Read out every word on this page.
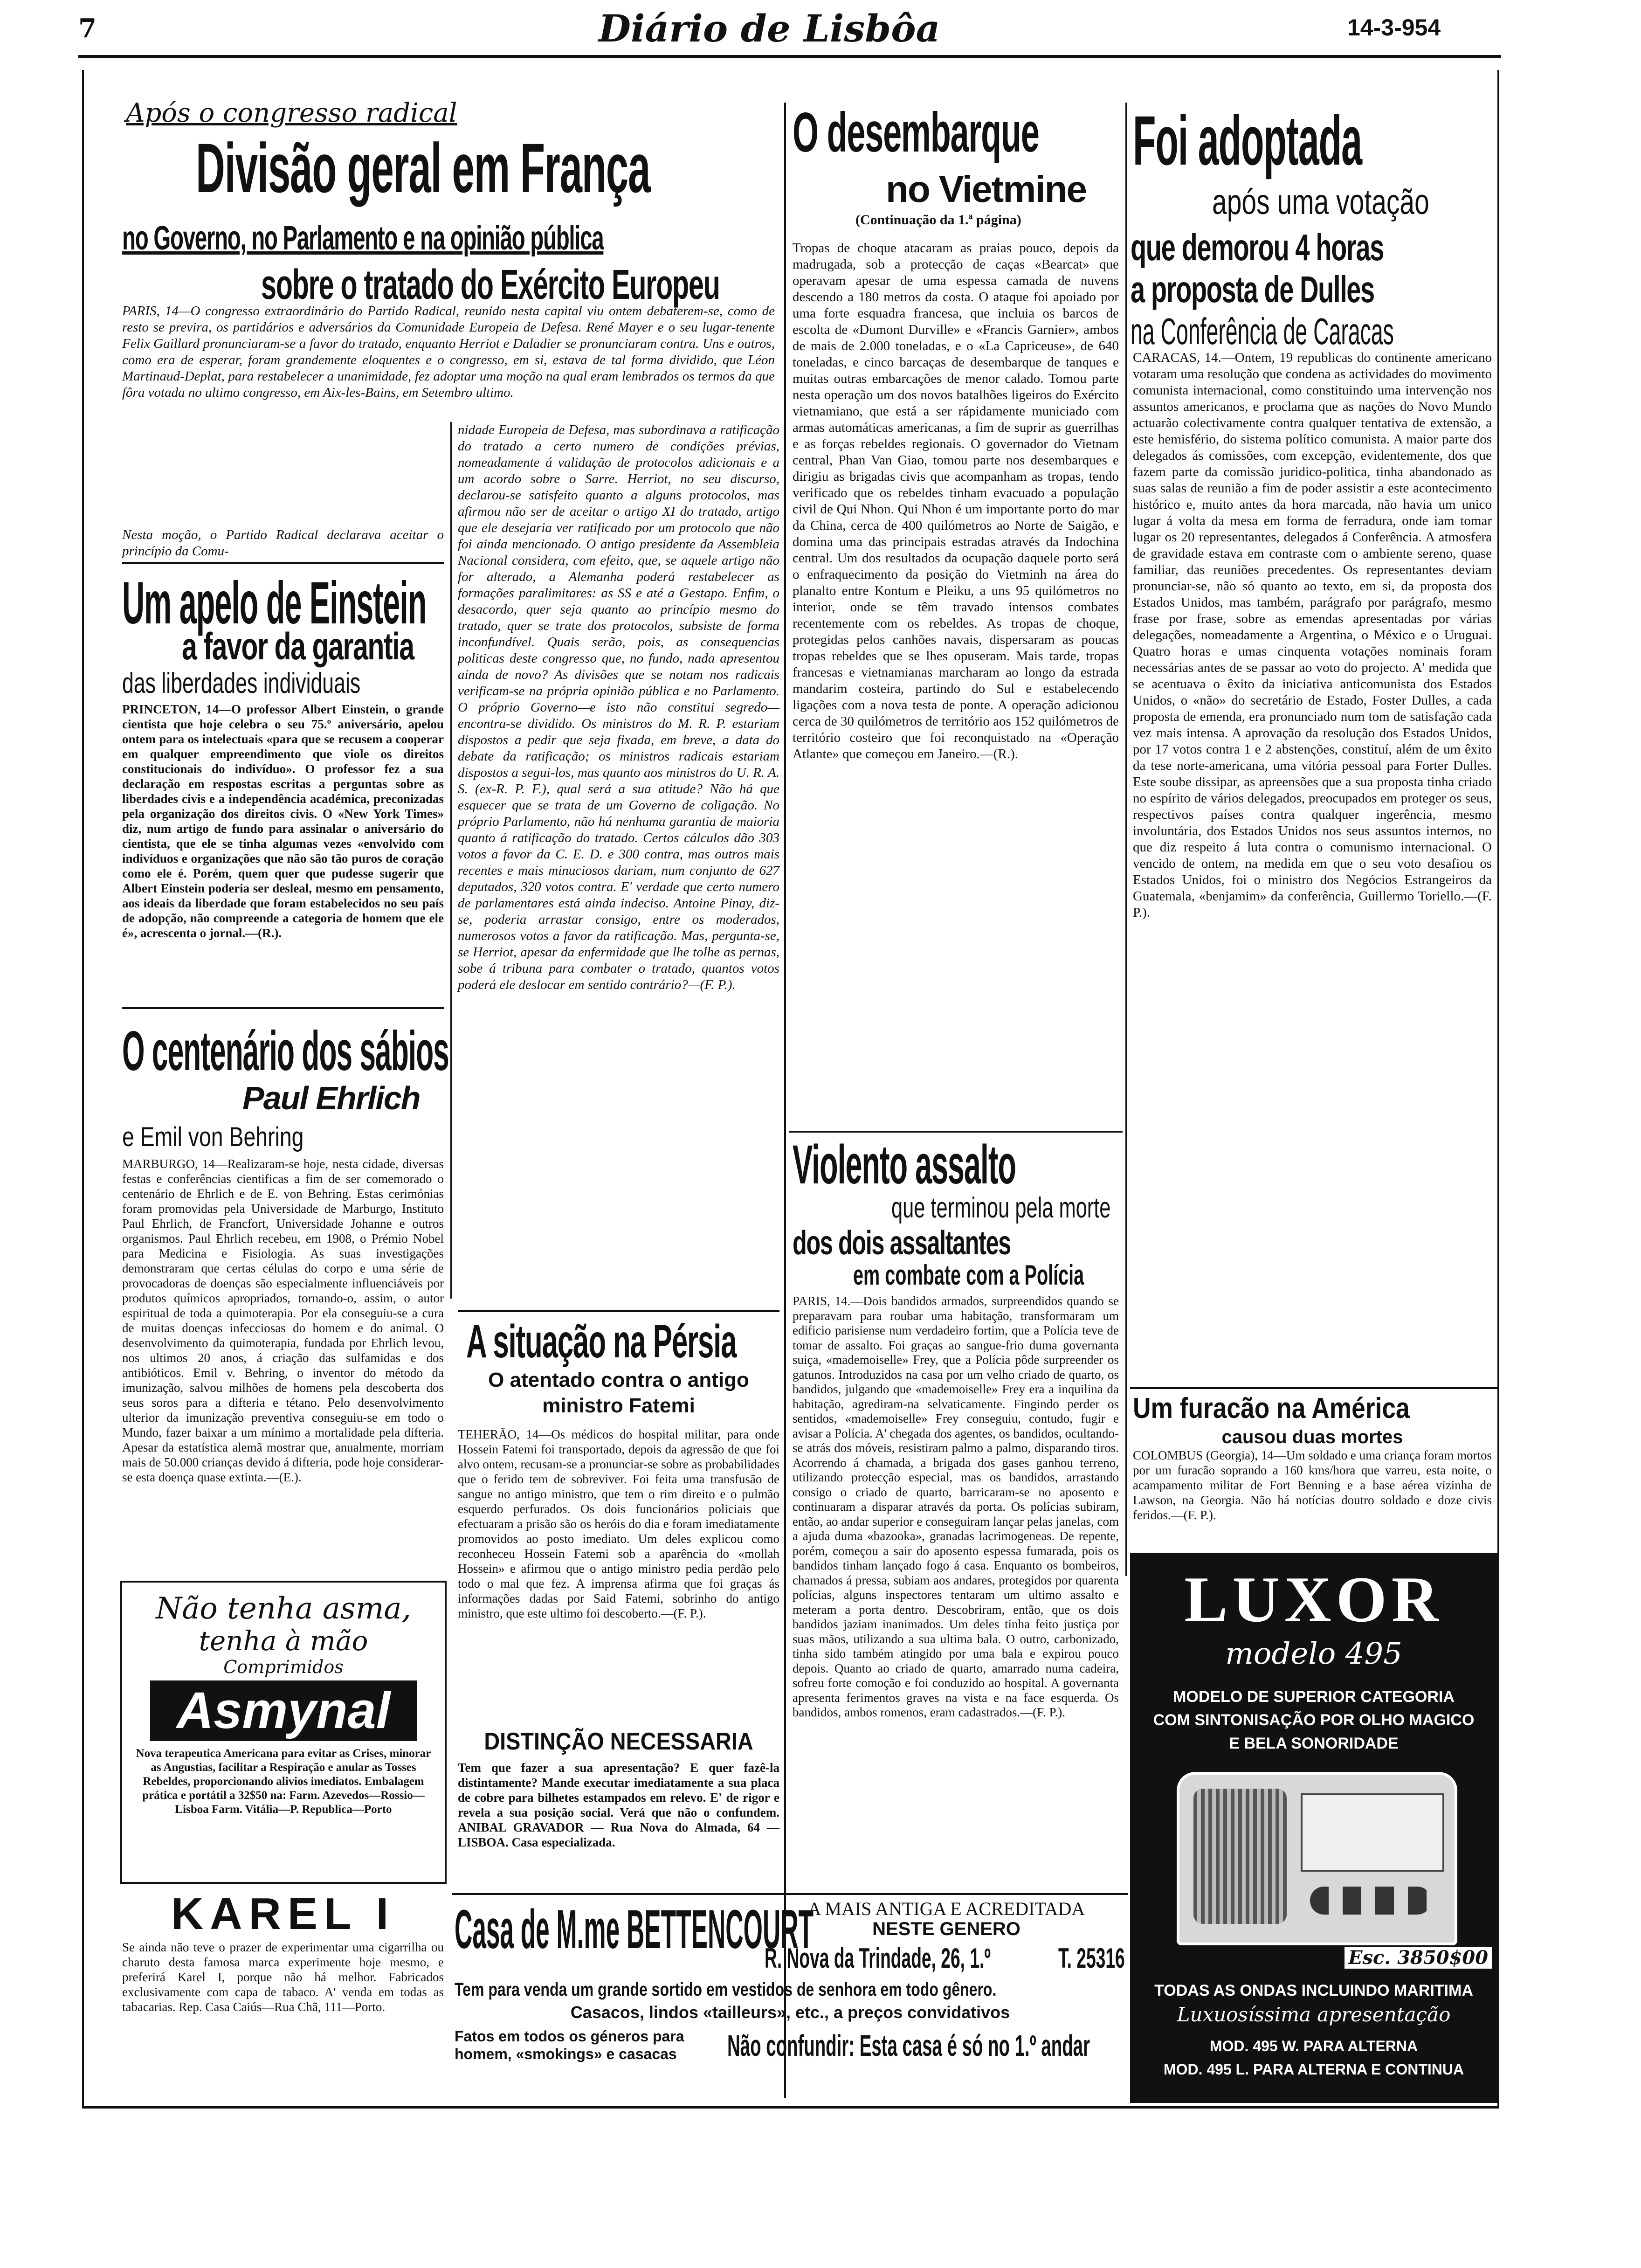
7	Diário de Lisbôa	14-3-954
Após o congresso radical
Divisão geral em França
no Governo, no Parlamento e na opinião pública
sobre o tratado do Exército Europeu

PARIS, 14—O congresso extraordinário do Partido Radical, reunido nesta capital viu ontem debaterem-se, como de resto se previra, os partidários e adversários da Comunidade Europeia de Defesa. René Mayer e o seu lugar-tenente Felix Gaillard pronunciaram-se a favor do tratado, enquanto Herriot e Daladier se pronunciaram contra. Uns e outros, como era de esperar, foram grandemente eloquentes e o congresso, em si, estava de tal forma dividido, que Léon Martinaud-Deplat, para restabelecer a unanimidade, fez adoptar uma moção na qual eram lembrados os termos da que fôra votada no ultimo congresso, em Aix-les-Bains, em Setembro ultimo.

Nesta moção, o Partido Radical declarava aceitar o princípio da Comu-

nidade Europeia de Defesa, mas subordinava a ratificação do tratado a certo numero de condições prévias, nomeadamente á validação de protocolos adicionais e a um acordo sobre o Sarre. Herriot, no seu discurso, declarou-se satisfeito quanto a alguns protocolos, mas afirmou não ser de aceitar o artigo XI do tratado, artigo que ele desejaria ver ratificado por um protocolo que não foi ainda mencionado. O antigo presidente da Assembleia Nacional considera, com efeito, que, se aquele artigo não for alterado, a Alemanha poderá restabelecer as formações paralimitares: as SS e até a Gestapo. Enfim, o desacordo, quer seja quanto ao princípio mesmo do tratado, quer se trate dos protocolos, subsiste de forma inconfundível. Quais serão, pois, as consequencias politicas deste congresso que, no fundo, nada apresentou ainda de novo? As divisões que se notam nos radicais verificam-se na própria opinião pública e no Parlamento. O próprio Governo—e isto não constitui segredo—encontra-se dividido. Os ministros do M. R. P. estariam dispostos a pedir que seja fixada, em breve, a data do debate da ratificação; os ministros radicais estariam dispostos a segui-los, mas quanto aos ministros do U. R. A. S. (ex-R. P. F.), qual será a sua atitude? Não há que esquecer que se trata de um Governo de coligação. No próprio Parlamento, não há nenhuma garantia de maioria quanto á ratificação do tratado. Certos cálculos dão 303 votos a favor da C. E. D. e 300 contra, mas outros mais recentes e mais minuciosos dariam, num conjunto de 627 deputados, 320 votos contra. E' verdade que certo numero de parlamentares está ainda indeciso. Antoine Pinay, diz-se, poderia arrastar consigo, entre os moderados, numerosos votos a favor da ratificação. Mas, pergunta-se, se Herriot, apesar da enfermidade que lhe tolhe as pernas, sobe á tribuna para combater o tratado, quantos votos poderá ele deslocar em sentido contrário?—(F. P.).

Um apelo de Einstein
a favor da garantia
das liberdades individuais

PRINCETON, 14—O professor Albert Einstein, o grande cientista que hoje celebra o seu 75.º aniversário, apelou ontem para os intelectuais «para que se recusem a cooperar em qualquer empreendimento que viole os direitos constitucionais do indivíduo». O professor fez a sua declaração em respostas escritas a perguntas sobre as liberdades civis e a independência académica, preconizadas pela organização dos direitos civis. O «New York Times» diz, num artigo de fundo para assinalar o aniversário do cientista, que ele se tinha algumas vezes «envolvido com indivíduos e organizações que não são tão puros de coração como ele é. Porém, quem quer que pudesse sugerir que Albert Einstein poderia ser desleal, mesmo em pensamento, aos ideais da liberdade que foram estabelecidos no seu país de adopção, não compreende a categoria de homem que ele é», acrescenta o jornal.—(R.).

O centenário dos sábios
Paul Ehrlich
e Emil von Behring

MARBURGO, 14—Realizaram-se hoje, nesta cidade, diversas festas e conferências cientificas a fim de ser comemorado o centenário de Ehrlich e de E. von Behring. Estas cerimónias foram promovidas pela Universidade de Marburgo, Instituto Paul Ehrlich, de Francfort, Universidade Johanne e outros organismos. Paul Ehrlich recebeu, em 1908, o Prémio Nobel para Medicina e Fisiologia. As suas investigações demonstraram que certas células do corpo e uma série de provocadoras de doenças são especialmente influenciáveis por produtos químicos apropriados, tornando-o, assim, o autor espiritual de toda a quimoterapia. Por ela conseguiu-se a cura de muitas doenças infecciosas do homem e do animal. O desenvolvimento da quimoterapia, fundada por Ehrlich levou, nos ultimos 20 anos, á criação das sulfamidas e dos antibióticos. Emil v. Behring, o inventor do método da imunização, salvou milhões de homens pela descoberta dos seus soros para a difteria e tétano. Pelo desenvolvimento ulterior da imunização preventiva conseguiu-se em todo o Mundo, fazer baixar a um mínimo a mortalidade pela difteria. Apesar da estatística alemã mostrar que, anualmente, morriam mais de 50.000 crianças devido á difteria, pode hoje considerar-se esta doença quase extinta.—(E.).

Não tenha asma,
tenha à mão
Comprimidos
Asmynal

Nova terapeutica Americana para evitar as Crises, minorar as Angustias, facilitar a Respiração e anular as Tosses Rebeldes, proporcionando alivios imediatos. Embalagem prática e portátil a 32$50 na: Farm. Azevedos—Rossio—Lisboa Farm. Vitália—P. Republica—Porto

KAREL I

Se ainda não teve o prazer de experimentar uma cigarrilha ou charuto desta famosa marca experimente hoje mesmo, e preferirá Karel I, porque não há melhor. Fabricados exclusivamente com capa de tabaco. A' venda em todas as tabacarias. Rep. Casa Caiús—Rua Chã, 111—Porto.

O desembarque
no Vietmine
(Continuação da 1.ª página)

Tropas de choque atacaram as praias pouco, depois da madrugada, sob a protecção de caças «Bearcat» que operavam apesar de uma espessa camada de nuvens descendo a 180 metros da costa. O ataque foi apoiado por uma forte esquadra francesa, que incluia os barcos de escolta de «Dumont Durville» e «Francis Garnier», ambos de mais de 2.000 toneladas, e o «La Capriceuse», de 640 toneladas, e cinco barcaças de desembarque de tanques e muitas outras embarcações de menor calado. Tomou parte nesta operação um dos novos batalhões ligeiros do Exército vietnamiano, que está a ser rápidamente municiado com armas automáticas americanas, a fim de suprir as guerrilhas e as forças rebeldes regionais. O governador do Vietnam central, Phan Van Giao, tomou parte nos desembarques e dirigiu as brigadas civis que acompanham as tropas, tendo verificado que os rebeldes tinham evacuado a população civil de Qui Nhon. Qui Nhon é um importante porto do mar da China, cerca de 400 quilómetros ao Norte de Saigão, e domina uma das principais estradas através da Indochina central. Um dos resultados da ocupação daquele porto será o enfraquecimento da posição do Vietminh na área do planalto entre Kontum e Pleiku, a uns 95 quilómetros no interior, onde se têm travado intensos combates recentemente com os rebeldes. As tropas de choque, protegidas pelos canhões navais, dispersaram as poucas tropas rebeldes que se lhes opuseram. Mais tarde, tropas francesas e vietnamianas marcharam ao longo da estrada mandarim costeira, partindo do Sul e estabelecendo ligações com a nova testa de ponte. A operação adicionou cerca de 30 quilómetros de território aos 152 quilómetros de território costeiro que foi reconquistado na «Operação Atlante» que começou em Janeiro.—(R.).

Violento assalto
que terminou pela morte
dos dois assaltantes
em combate com a Polícia

PARIS, 14.—Dois bandidos armados, surpreendidos quando se preparavam para roubar uma habitação, transformaram um edificio parisiense num verdadeiro fortim, que a Polícia teve de tomar de assalto. Foi graças ao sangue-frio duma governanta suiça, «mademoiselle» Frey, que a Polícia pôde surpreender os gatunos. Introduzidos na casa por um velho criado de quarto, os bandidos, julgando que «mademoiselle» Frey era a inquilina da habitação, agrediram-na selvaticamente. Fingindo perder os sentidos, «mademoiselle» Frey conseguiu, contudo, fugir e avisar a Polícia. A' chegada dos agentes, os bandidos, ocultando-se atrás dos móveis, resistiram palmo a palmo, disparando tiros. Acorrendo á chamada, a brigada dos gases ganhou terreno, utilizando protecção especial, mas os bandidos, arrastando consigo o criado de quarto, barricaram-se no aposento e continuaram a disparar através da porta. Os polícias subiram, então, ao andar superior e conseguiram lançar pelas janelas, com a ajuda duma «bazooka», granadas lacrimogeneas. De repente, porém, começou a sair do aposento espessa fumarada, pois os bandidos tinham lançado fogo á casa. Enquanto os bombeiros, chamados á pressa, subiam aos andares, protegidos por quarenta polícias, alguns inspectores tentaram um ultimo assalto e meteram a porta dentro. Descobriram, então, que os dois bandidos jaziam inanimados. Um deles tinha feito justiça por suas mãos, utilizando a sua ultima bala. O outro, carbonizado, tinha sido também atingido por uma bala e expirou pouco depois. Quanto ao criado de quarto, amarrado numa cadeira, sofreu forte comoção e foi conduzido ao hospital. A governanta apresenta ferimentos graves na vista e na face esquerda. Os bandidos, ambos romenos, eram cadastrados.—(F. P.).

A situação na Pérsia
O atentado contra o antigo
ministro Fatemi

TEHERÃO, 14—Os médicos do hospital militar, para onde Hossein Fatemi foi transportado, depois da agressão de que foi alvo ontem, recusam-se a pronunciar-se sobre as probabilidades que o ferido tem de sobreviver. Foi feita uma transfusão de sangue no antigo ministro, que tem o rim direito e o pulmão esquerdo perfurados. Os dois funcionários policiais que efectuaram a prisão são os heróis do dia e foram imediatamente promovidos ao posto imediato. Um deles explicou como reconheceu Hossein Fatemi sob a aparência do «mollah Hossein» e afirmou que o antigo ministro pedia perdão pelo todo o mal que fez. A imprensa afirma que foi graças ás informações dadas por Said Fatemi, sobrinho do antigo ministro, que este ultimo foi descoberto.—(F. P.).

DISTINÇÃO NECESSARIA

Tem que fazer a sua apresentação? E quer fazê-la distintamente? Mande executar imediatamente a sua placa de cobre para bilhetes estampados em relevo. E' de rigor e revela a sua posição social. Verá que não o confundem. ANIBAL GRAVADOR — Rua Nova do Almada, 64 — LISBOA. Casa especializada.

Foi adoptada
após uma votação
que demorou 4 horas
a proposta de Dulles
na Conferência de Caracas

CARACAS, 14.—Ontem, 19 republicas do continente americano votaram uma resolução que condena as actividades do movimento comunista internacional, como constituindo uma intervenção nos assuntos americanos, e proclama que as nações do Novo Mundo actuarão colectivamente contra qualquer tentativa de extensão, a este hemisfério, do sistema político comunista. A maior parte dos delegados ás comissões, com excepção, evidentemente, dos que fazem parte da comissão juridico-politica, tinha abandonado as suas salas de reunião a fim de poder assistir a este acontecimento histórico e, muito antes da hora marcada, não havia um unico lugar á volta da mesa em forma de ferradura, onde iam tomar lugar os 20 representantes, delegados á Conferência. A atmosfera de gravidade estava em contraste com o ambiente sereno, quase familiar, das reuniões precedentes. Os representantes deviam pronunciar-se, não só quanto ao texto, em si, da proposta dos Estados Unidos, mas também, parágrafo por parágrafo, mesmo frase por frase, sobre as emendas apresentadas por várias delegações, nomeadamente a Argentina, o México e o Uruguai. Quatro horas e umas cinquenta votações nominais foram necessárias antes de se passar ao voto do projecto. A' medida que se acentuava o êxito da iniciativa anticomunista dos Estados Unidos, o «não» do secretário de Estado, Foster Dulles, a cada proposta de emenda, era pronunciado num tom de satisfação cada vez mais intensa. A aprovação da resolução dos Estados Unidos, por 17 votos contra 1 e 2 abstenções, constituí, além de um êxito da tese norte-americana, uma vitória pessoal para Forter Dulles. Este soube dissipar, as apreensões que a sua proposta tinha criado no espírito de vários delegados, preocupados em proteger os seus, respectivos países contra qualquer ingerência, mesmo involuntária, dos Estados Unidos nos seus assuntos internos, no que diz respeito á luta contra o comunismo internacional. O vencido de ontem, na medida em que o seu voto desafiou os Estados Unidos, foi o ministro dos Negócios Estrangeiros da Guatemala, «benjamim» da conferência, Guillermo Toriello.—(F. P.).

Um furacão na América
causou duas mortes

COLOMBUS (Georgia), 14—Um soldado e uma criança foram mortos por um furacão soprando a 160 kms/hora que varreu, esta noite, o acampamento militar de Fort Benning e a base aérea vizinha de Lawson, na Georgia. Não há notícias doutro soldado e doze civis feridos.—(F. P.).

LUXOR
modelo 495
MODELO DE SUPERIOR CATEGORIA
COM SINTONISAÇÃO POR OLHO MAGICO
E BELA SONORIDADE
Esc. 3850$00
TODAS AS ONDAS INCLUINDO MARITIMA
Luxuosíssima apresentação
MOD. 495 W. PARA ALTERNA
MOD. 495 L. PARA ALTERNA E CONTINUA
Casa de M.me BETTENCOURT
A MAIS ANTIGA E ACREDITADA
NESTE GENERO
R. Nova da Trindade, 26, 1.º T. 25316
Tem para venda um grande sortido em vestidos de senhora em todo gênero.
Casacos, lindos «tailleurs», etc., a preços convidativos
Fatos em todos os géneros para homem, «smokings» e casacas	Não confundir: Esta casa é só no 1.º andar
